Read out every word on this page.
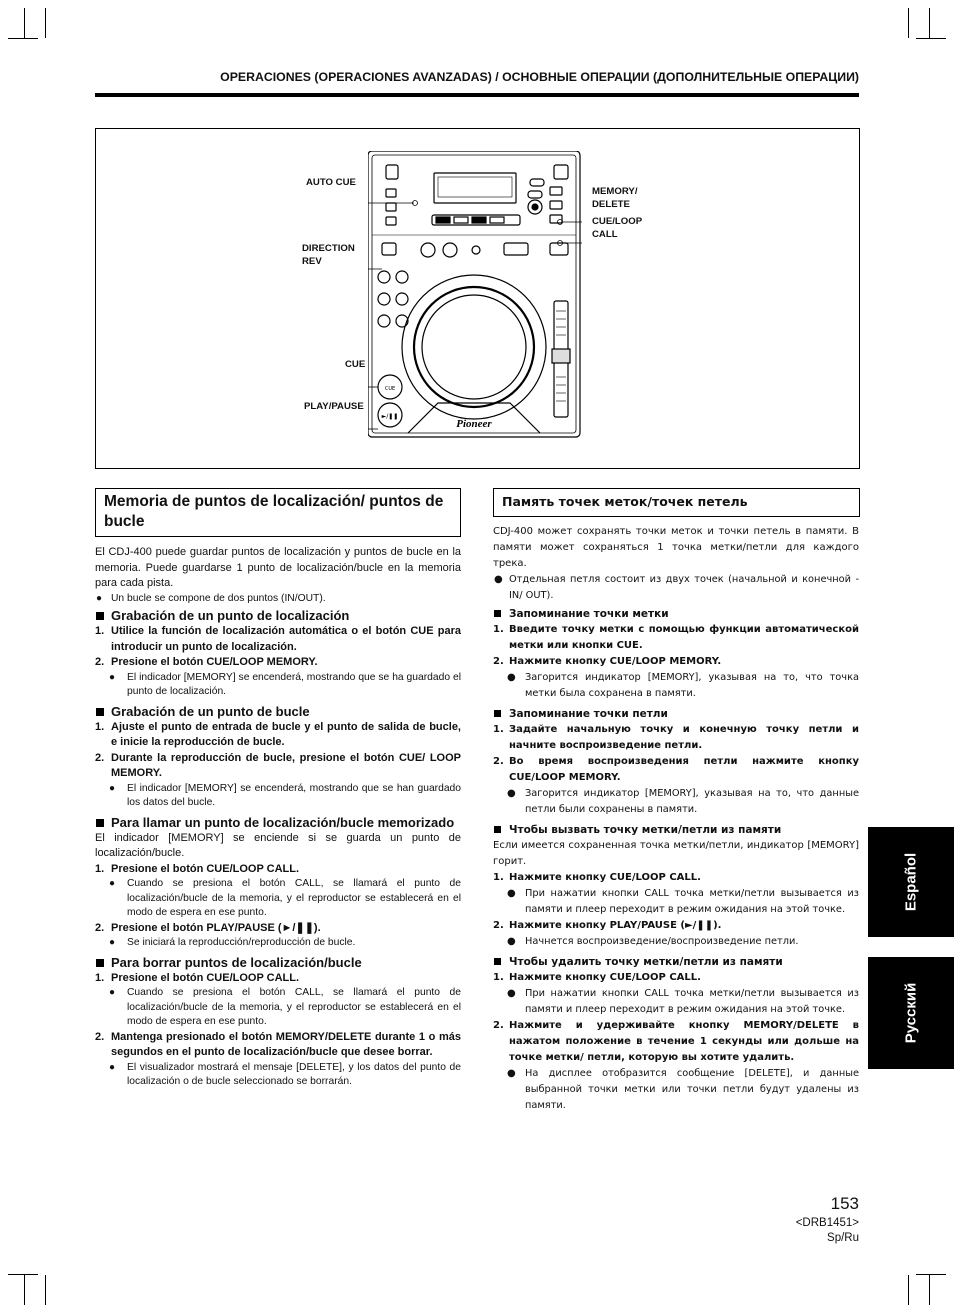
OPERACIONES (OPERACIONES AVANZADAS) / ОСНОВНЫЕ ОПЕРАЦИИ (ДОПОЛНИТЕЛЬНЫЕ ОПЕРАЦИИ)
Pioneer
CUE
►/❚❚
AUTO CUE
DIRECTION
REV
CUE
PLAY/PAUSE
MEMORY/
DELETE
CUE/LOOP
CALL
Memoria de puntos de localización/ puntos de bucle
Память точек меток/точек петель

El CDJ-400 puede guardar puntos de localización y puntos de bucle en la memoria. Puede guardarse 1 punto de localización/bucle en la memoria para cada pista.

● Un bucle se compone de dos puntos (IN/OUT).

Grabación de un punto de localización

1. Utilice la función de localización automática o el botón CUE para introducir un punto de localización.

2. Presione el botón CUE/LOOP MEMORY.

● El indicador [MEMORY] se encenderá, mostrando que se ha guardado el punto de localización.

Grabación de un punto de bucle

1. Ajuste el punto de entrada de bucle y el punto de salida de bucle, e inicie la reproducción de bucle.

2. Durante la reproducción de bucle, presione el botón CUE/ LOOP MEMORY.

● El indicador [MEMORY] se encenderá, mostrando que se han guardado los datos del bucle.

Para llamar un punto de localización/bucle memorizado

El indicador [MEMORY] se enciende si se guarda un punto de localización/bucle.

1. Presione el botón CUE/LOOP CALL.

● Cuando se presiona el botón CALL, se llamará el punto de localización/bucle de la memoria, y el reproductor se establecerá en el modo de espera en ese punto.

2. Presione el botón PLAY/PAUSE (►/❚❚).

● Se iniciará la reproducción/reproducción de bucle.

Para borrar puntos de localización/bucle

1. Presione el botón CUE/LOOP CALL.

● Cuando se presiona el botón CALL, se llamará el punto de localización/bucle de la memoria, y el reproductor se establecerá en el modo de espera en ese punto.

2. Mantenga presionado el botón MEMORY/DELETE durante 1 o más segundos en el punto de localización/bucle que desee borrar.

● El visualizador mostrará el mensaje [DELETE], y los datos del punto de localización o de bucle seleccionado se borrarán.

CDJ-400 может сохранять точки меток и точки петель в памяти. В памяти может сохраняться 1 точка метки/петли для каждого трека.

● Отдельная петля состоит из двух точек (начальной и конечной - IN/ OUT).

Запоминание точки метки

1. Введите точку метки с помощью функции автоматической метки или кнопки CUE.

2. Нажмите кнопку CUE/LOOP MEMORY.

● Загорится индикатор [MEMORY], указывая на то, что точка метки была сохранена в памяти.

Запоминание точки петли

1. Задайте начальную точку и конечную точку петли и начните воспроизведение петли.

2. Во время воспроизведения петли нажмите кнопку CUE/LOOP MEMORY.

● Загорится индикатор [MEMORY], указывая на то, что данные петли были сохранены в памяти.

Чтобы вызвать точку метки/петли из памяти

Если имеется сохраненная точка метки/петли, индикатор [MEMORY] горит.

1. Нажмите кнопку CUE/LOOP CALL.

● При нажатии кнопки CALL точка метки/петли вызывается из памяти и плеер переходит в режим ожидания на этой точке.

2. Нажмите кнопку PLAY/PAUSE (►/❚❚).

● Начнется воспроизведение/воспроизведение петли.

Чтобы удалить точку метки/петли из памяти

1. Нажмите кнопку CUE/LOOP CALL.

● При нажатии кнопки CALL точка метки/петли вызывается из памяти и плеер переходит в режим ожидания на этой точке.

2. Нажмите и удерживайте кнопку MEMORY/DELETE в нажатом положение в течение 1 секунды или дольше на точке метки/ петли, которую вы хотите удалить.

● На дисплее отобразится сообщение [DELETE], и данные выбранной точки метки или точки петли будут удалены из памяти.

Español
Русский
153
<DRB1451>
Sp/Ru
